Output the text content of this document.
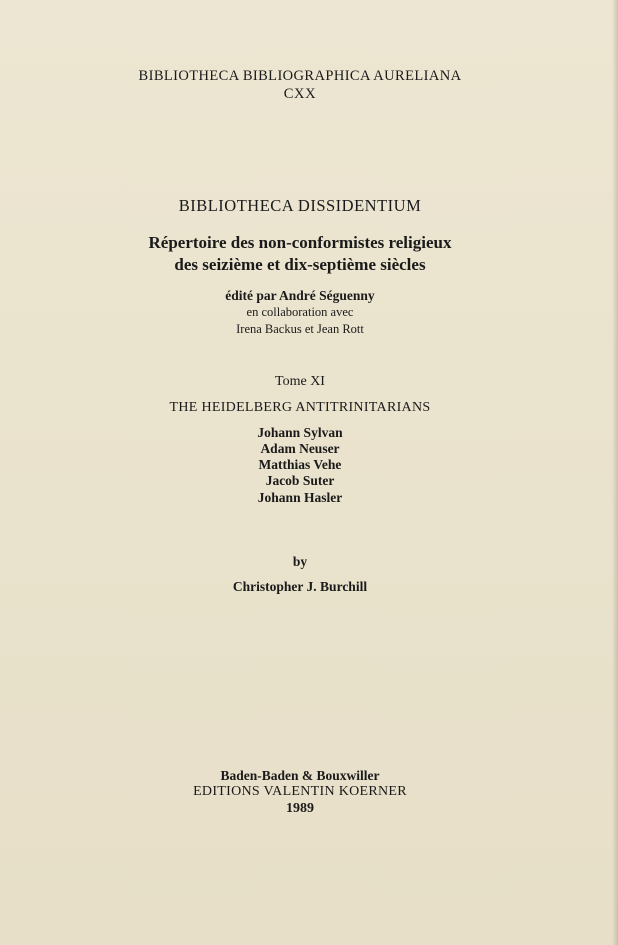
BIBLIOTHECA BIBLIOGRAPHICA AURELIANA
CXX
BIBLIOTHECA DISSIDENTIUM
Répertoire des non-conformistes religieux
des seizième et dix-septième siècles
édité par André Séguenny
en collaboration avec
Irena Backus et Jean Rott
Tome XI
THE HEIDELBERG ANTITRINITARIANS
Johann Sylvan
Adam Neuser
Matthias Vehe
Jacob Suter
Johann Hasler
by
Christopher J. Burchill
Baden-Baden & Bouxwiller
EDITIONS VALENTIN KOERNER
1989
